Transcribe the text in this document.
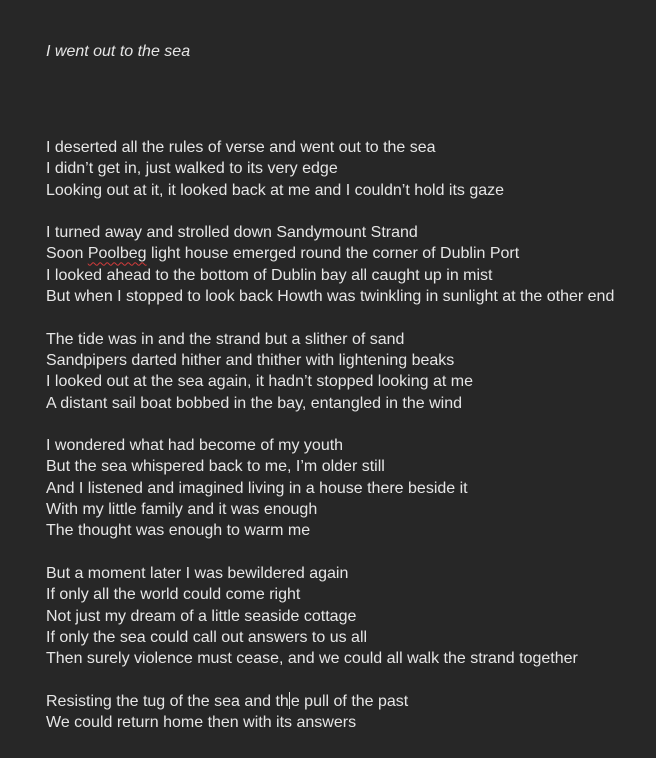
I went out to the sea
I deserted all the rules of verse and went out to the sea
I didn’t get in, just walked to its very edge
Looking out at it, it looked back at me and I couldn’t hold its gaze
I turned away and strolled down Sandymount Strand
Soon Poolbeg light house emerged round the corner of Dublin Port
I looked ahead to the bottom of Dublin bay all caught up in mist
But when I stopped to look back Howth was twinkling in sunlight at the other end
The tide was in and the strand but a slither of sand
Sandpipers darted hither and thither with lightening beaks
I looked out at the sea again, it hadn’t stopped looking at me
A distant sail boat bobbed in the bay, entangled in the wind
I wondered what had become of my youth
But the sea whispered back to me, I’m older still
And I listened and imagined living in a house there beside it
With my little family and it was enough
The thought was enough to warm me
But a moment later I was bewildered again
If only all the world could come right
Not just my dream of a little seaside cottage
If only the sea could call out answers to us all
Then surely violence must cease, and we could all walk the strand together
Resisting the tug of the sea and th e pull of the past
We could return home then with its answers
